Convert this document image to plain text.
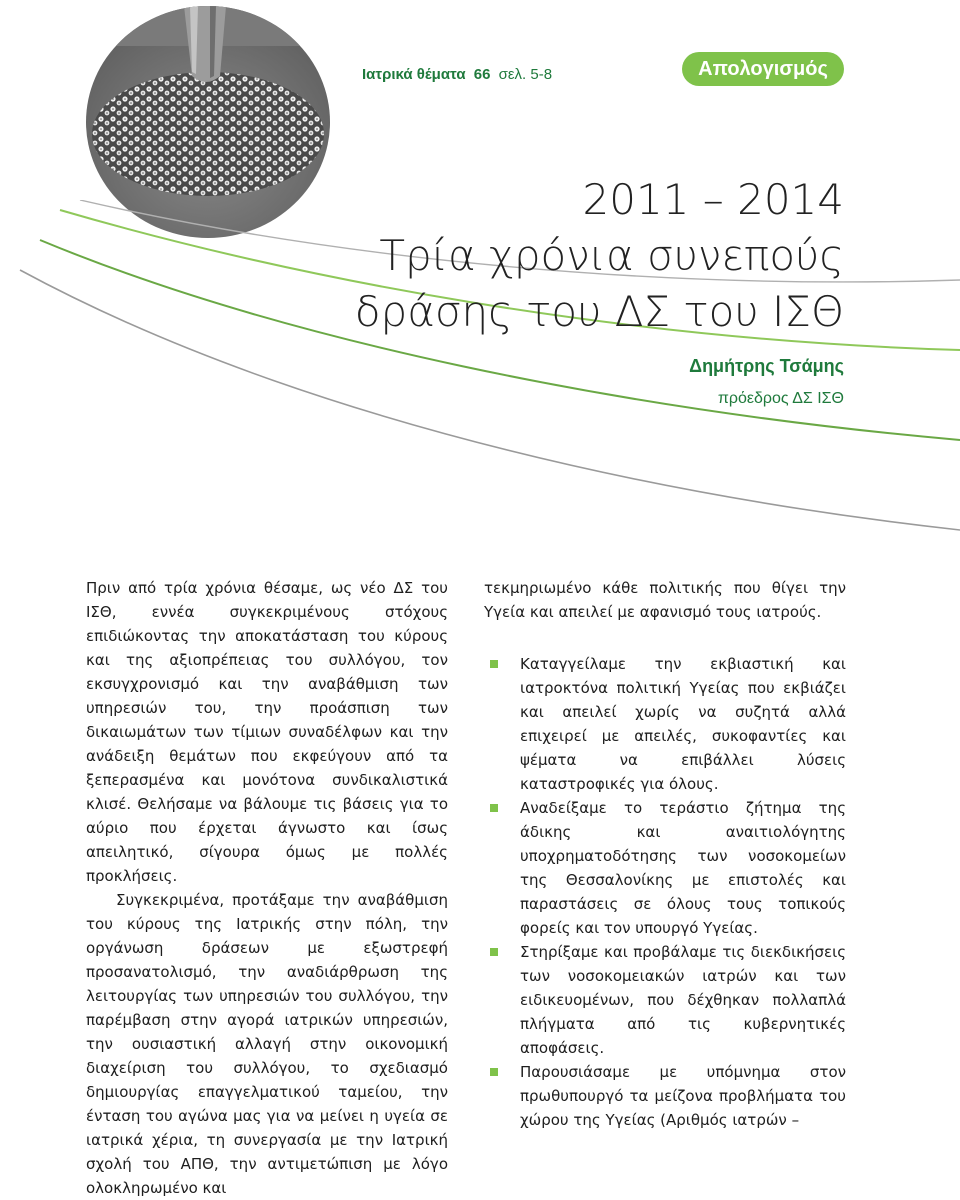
Ιατρικά θέματα 66 σελ. 5-8	Απολογισμός
2011 – 2014
Τρία χρόνια συνεπούς
δράσης του ΔΣ του ΙΣΘ
Δημήτρης Τσάμης
πρόεδρος ΔΣ ΙΣΘ

Πριν από τρία χρόνια θέσαμε, ως νέο ΔΣ του ΙΣΘ, εννέα συγκεκριμένους στόχους επιδιώκοντας την αποκατάσταση του κύρους και της αξιοπρέπειας του συλλόγου, τον εκσυγχρονισμό και την αναβάθμιση των υπηρεσιών του, την προάσπιση των δικαιωμάτων των τίμιων συναδέλφων και την ανάδειξη θεμάτων που εκφεύγουν από τα ξεπερασμένα και μονότονα συνδικαλιστικά κλισέ. Θελήσαμε να βάλουμε τις βάσεις για το αύριο που έρχεται άγνωστο και ίσως απειλητικό, σίγουρα όμως με πολλές προκλήσεις.

Συγκεκριμένα, προτάξαμε την αναβάθμιση του κύρους της Ιατρικής στην πόλη, την οργάνωση δράσεων με εξωστρεφή προσανατολισμό, την αναδιάρθρωση της λειτουργίας των υπηρεσιών του συλλόγου, την παρέμβαση στην αγορά ιατρικών υπηρεσιών, την ουσιαστική αλλαγή στην οικονομική διαχείριση του συλλόγου, το σχεδιασμό δημιουργίας επαγγελματικού ταμείου, την ένταση του αγώνα μας για να μείνει η υγεία σε ιατρικά χέρια, τη συνεργασία με την Ιατρική σχολή του ΑΠΘ, την αντιμετώπιση με λόγο ολοκληρωμένο και

τεκμηριωμένο κάθε πολιτικής που θίγει την Υγεία και απειλεί με αφανισμό τους ιατρούς.

Καταγγείλαμε την εκβιαστική και ιατροκτόνα πολιτική Υγείας που εκβιάζει και απειλεί χωρίς να συζητά αλλά επιχειρεί με απειλές, συκοφαντίες και ψέματα να επιβάλλει λύσεις καταστροφικές για όλους.
Αναδείξαμε το τεράστιο ζήτημα της άδικης και αναιτιολόγητης υποχρηματοδότησης των νοσοκομείων της Θεσσαλονίκης με επιστολές και παραστάσεις σε όλους τους τοπικούς φορείς και τον υπουργό Υγείας.
Στηρίξαμε και προβάλαμε τις διεκδικήσεις των νοσοκομειακών ιατρών και των ειδικευομένων, που δέχθηκαν πολλαπλά πλήγματα από τις κυβερνητικές αποφάσεις.
Παρουσιάσαμε με υπόμνημα στον πρωθυπουργό τα μείζονα προβλήματα του χώρου της Υγείας (Αριθμός ιατρών –
